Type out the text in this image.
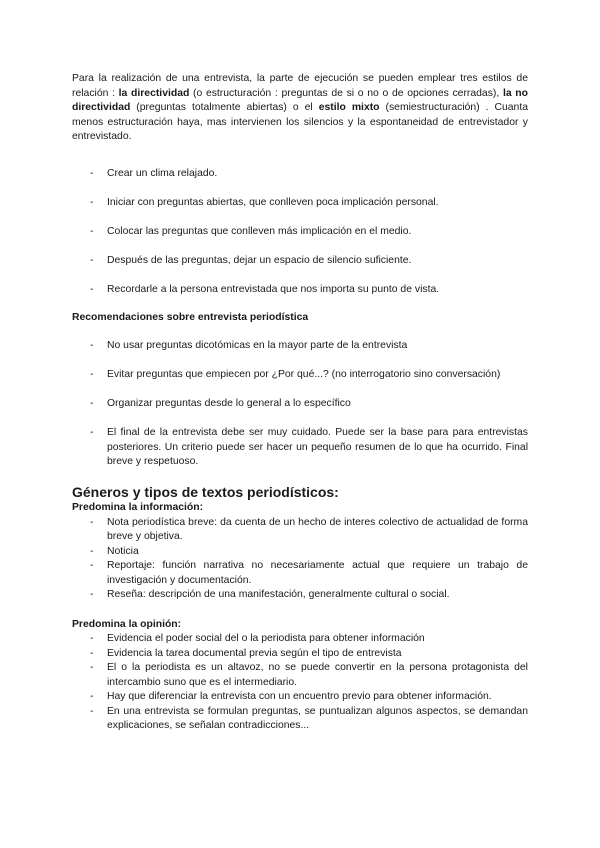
Para la realización de una entrevista, la parte de ejecución se pueden emplear tres estilos de relación : la directividad (o estructuración : preguntas de si o no o de opciones cerradas), la no directividad (preguntas totalmente abiertas) o el estilo mixto (semiestructuración) . Cuanta menos estructuración haya, mas intervienen los silencios y la espontaneidad de entrevistador y entrevistado.

- Crear un clima relajado.
- Iniciar con preguntas abiertas, que conlleven poca implicación personal.
- Colocar las preguntas que conlleven más implicación en el medio.
- Después de las preguntas, dejar un espacio de silencio suficiente.
- Recordarle a la persona entrevistada que nos importa su punto de vista.

Recomendaciones sobre entrevista periodística

- No usar preguntas dicotómicas en la mayor parte de la entrevista
- Evitar preguntas que empiecen por ¿Por qué...? (no interrogatorio sino conversación)
- Organizar preguntas desde lo general a lo específico
- El final de la entrevista debe ser muy cuidado. Puede ser la base para para entrevistas posteriores. Un criterio puede ser hacer un pequeño resumen de lo que ha ocurrido. Final breve y respetuoso.

Géneros y tipos de textos periodísticos:

Predomina la información:

- Nota periodística breve: da cuenta de un hecho de interes colectivo de actualidad de forma breve y objetiva.
- Noticia
- Reportaje: función narrativa no necesariamente actual que requiere un trabajo de investigación y documentación.
- Reseña: descripción de una manifestación, generalmente cultural o social.

Predomina la opinión:

- Evidencia el poder social del o la periodista para obtener información
- Evidencia la tarea documental previa según el tipo de entrevista
- El o la periodista es un altavoz, no se puede convertir en la persona protagonista del intercambio suno que es el intermediario.
- Hay que diferenciar la entrevista con un encuentro previo para obtener información.
- En una entrevista se formulan preguntas, se puntualizan algunos aspectos, se demandan explicaciones, se señalan contradicciones...
